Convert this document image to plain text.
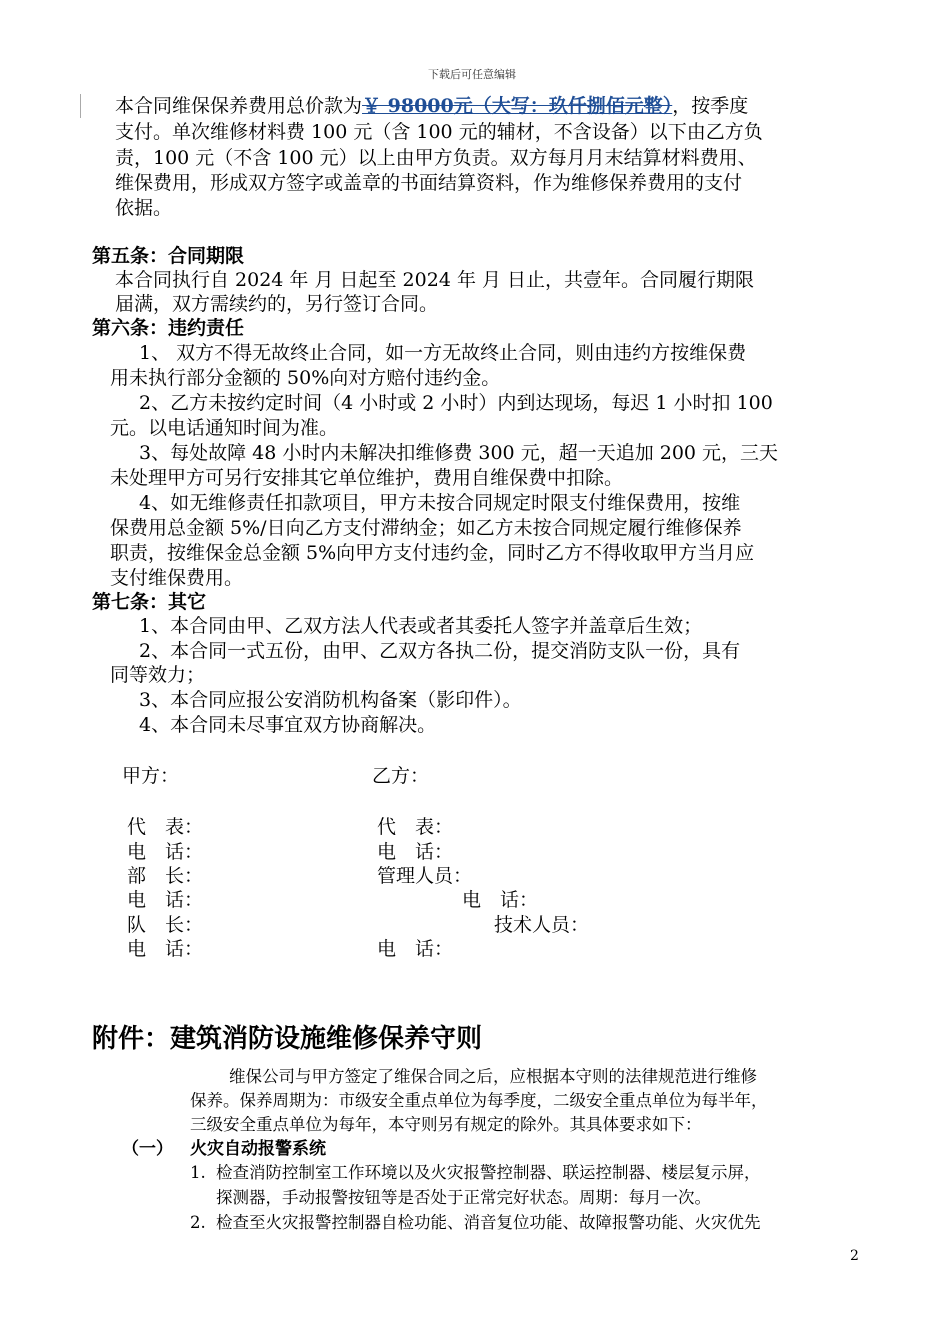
下载后可任意编辑
本合同维保保养费用总价款为￥ 98000元（大写：玖仟捌佰元整），按季度
支付。单次维修材料费 100 元（含 100 元的辅材，不含设备）以下由乙方负
责，100 元（不含 100 元）以上由甲方负责。双方每月月末结算材料费用、
维保费用，形成双方签字或盖章的书面结算资料，作为维修保养费用的支付
依据。
第五条：合同期限
本合同执行自 2024 年 月 日起至 2024 年 月 日止，共壹年。合同履行期限
届满，双方需续约的，另行签订合同。
第六条：违约责任
1、 双方不得无故终止合同，如一方无故终止合同，则由违约方按维保费
用未执行部分金额的 50%向对方赔付违约金。
2、乙方未按约定时间（4 小时或 2 小时）内到达现场，每迟 1 小时扣 100
元。以电话通知时间为准。
3、每处故障 48 小时内未解决扣维修费 300 元，超一天追加 200 元，三天
未处理甲方可另行安排其它单位维护，费用自维保费中扣除。
4、如无维修责任扣款项目，甲方未按合同规定时限支付维保费用，按维
保费用总金额 5%/日向乙方支付滞纳金；如乙方未按合同规定履行维修保养
职责，按维保金总金额 5%向甲方支付违约金，同时乙方不得收取甲方当月应
支付维保费用。
第七条：其它
1、本合同由甲、乙双方法人代表或者其委托人签字并盖章后生效；
2、本合同一式五份，由甲、乙双方各执二份，提交消防支队一份，具有
同等效力；
3、本合同应报公安消防机构备案（影印件）。
4、本合同未尽事宜双方协商解决。
甲方：	乙方：
代　表：
电　话：
部　长：
电　话：
队　长：
电　话：
代　表：
电　话：
管理人员：
电　话：
技术人员：
电　话：
附件：建筑消防设施维修保养守则
维保公司与甲方签定了维保合同之后，应根据本守则的法律规范进行维修
保养。保养周期为：市级安全重点单位为每季度，二级安全重点单位为每半年，
三级安全重点单位为每年，本守则另有规定的除外。其具体要求如下：
（一） 火灾自动报警系统
1. 检查消防控制室工作环境以及火灾报警控制器、联运控制器、楼层复示屏，
探测器，手动报警按钮等是否处于正常完好状态。周期：每月一次。
2. 检查至火灾报警控制器自检功能、消音复位功能、故障报警功能、火灾优先
2
